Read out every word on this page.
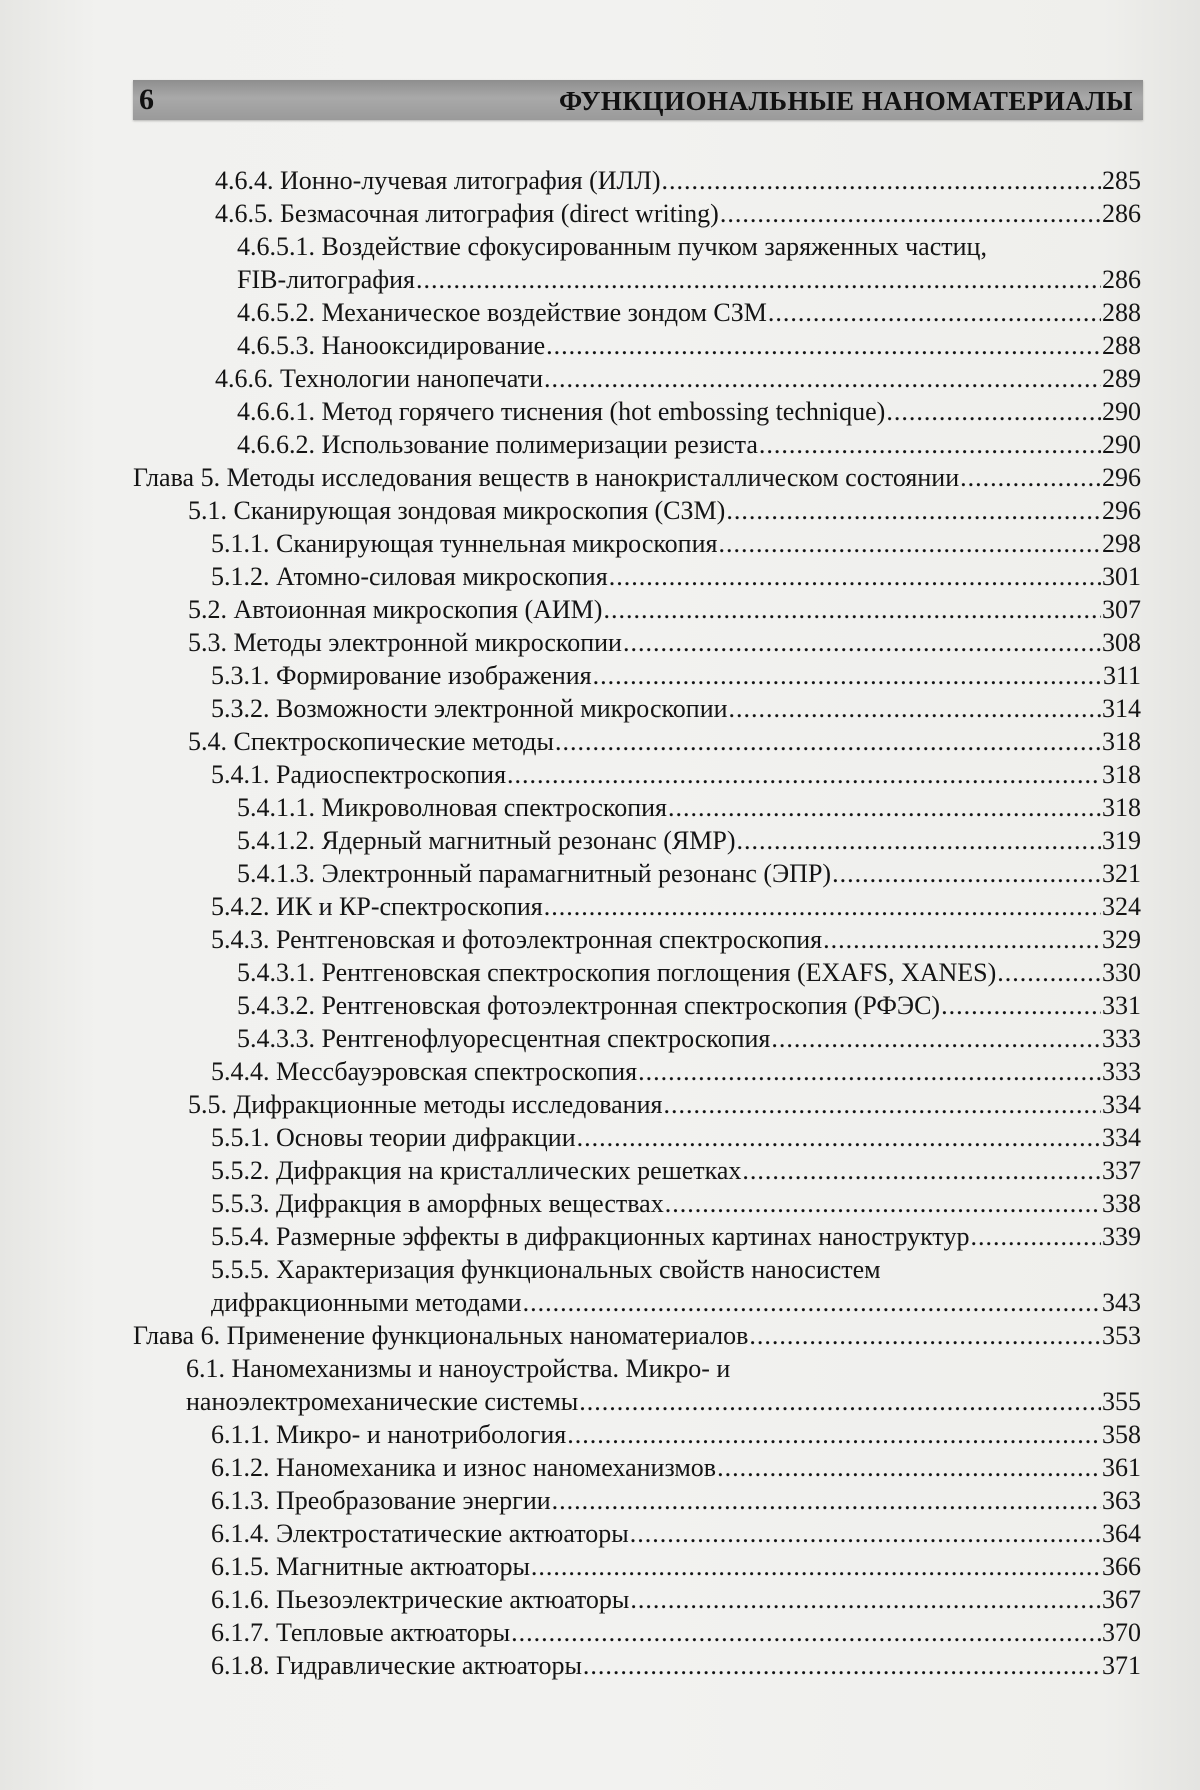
6	ФУНКЦИОНАЛЬНЫЕ НАНОМАТЕРИАЛЫ
4.6.4. Ионно-лучевая литография (ИЛЛ) .....	285
4.6.5. Безмасочная литография (direct writing) .....	286
4.6.5.1. Воздействие сфокусированным пучком заряженных частиц,
FIB-литография .....	286
4.6.5.2. Механическое воздействие зондом СЗМ .....	288
4.6.5.3. Нанооксидирование .....	288
4.6.6. Технологии нанопечати .....	289
4.6.6.1. Метод горячего тиснения (hot embossing technique) .....	290
4.6.6.2. Использование полимеризации резиста .....	290
Глава 5. Методы исследования веществ в нанокристаллическом состоянии .....	296
5.1. Сканирующая зондовая микроскопия (СЗМ) .....	296
5.1.1. Сканирующая туннельная микроскопия .....	298
5.1.2. Атомно-силовая микроскопия .....	301
5.2. Автоионная микроскопия (АИМ) .....	307
5.3. Методы электронной микроскопии .....	308
5.3.1. Формирование изображения .....	311
5.3.2. Возможности электронной микроскопии .....	314
5.4. Спектроскопические методы .....	318
5.4.1. Радиоспектроскопия .....	318
5.4.1.1. Микроволновая спектроскопия .....	318
5.4.1.2. Ядерный магнитный резонанс (ЯМР) .....	319
5.4.1.3. Электронный парамагнитный резонанс (ЭПР) .....	321
5.4.2. ИК и КР-спектроскопия .....	324
5.4.3. Рентгеновская и фотоэлектронная спектроскопия .....	329
5.4.3.1. Рентгеновская спектроскопия поглощения (EXAFS, XANES) .....	330
5.4.3.2. Рентгеновская фотоэлектронная спектроскопия (РФЭС) .....	331
5.4.3.3. Рентгенофлуоресцентная спектроскопия .....	333
5.4.4. Мессбауэровская спектроскопия .....	333
5.5. Дифракционные методы исследования .....	334
5.5.1. Основы теории дифракции .....	334
5.5.2. Дифракция на кристаллических решетках .....	337
5.5.3. Дифракция в аморфных веществах .....	338
5.5.4. Размерные эффекты в дифракционных картинах наноструктур .....	339
5.5.5. Характеризация функциональных свойств наносистем
дифракционными методами .....	343
Глава 6. Применение функциональных наноматериалов .....	353
6.1. Наномеханизмы и наноустройства. Микро- и
наноэлектромеханические системы .....	355
6.1.1. Микро- и нанотрибология .....	358
6.1.2. Наномеханика и износ наномеханизмов .....	361
6.1.3. Преобразование энергии .....	363
6.1.4. Электростатические актюаторы .....	364
6.1.5. Магнитные актюаторы .....	366
6.1.6. Пьезоэлектрические актюаторы .....	367
6.1.7. Тепловые актюаторы .....	370
6.1.8. Гидравлические актюаторы .....	371
